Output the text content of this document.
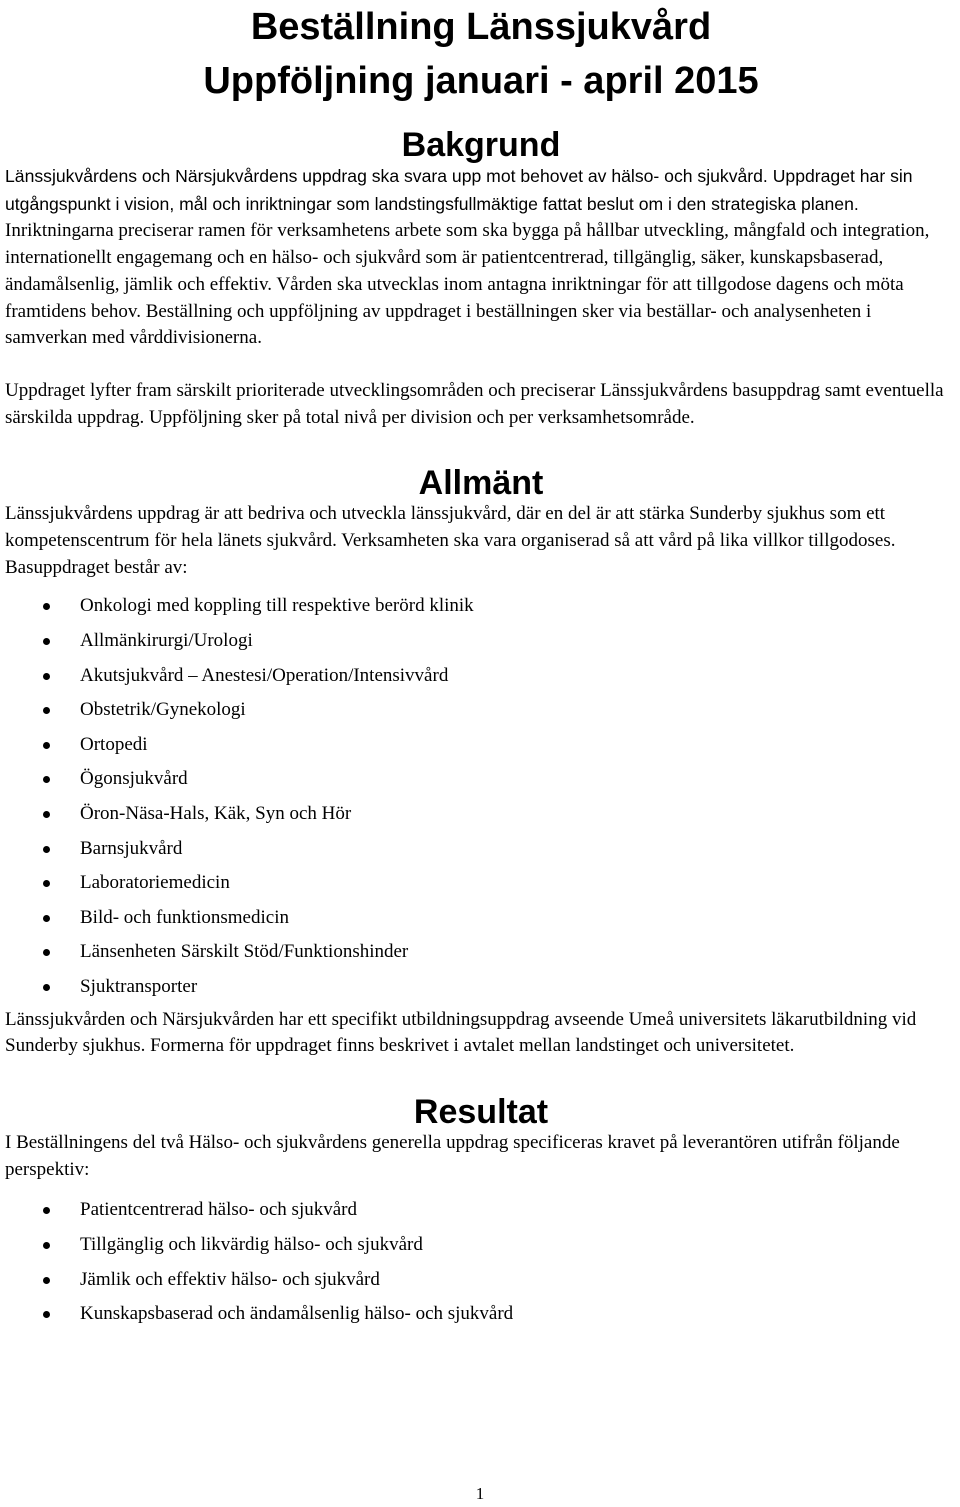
Beställning Länssjukvård
Uppföljning januari - april 2015
Bakgrund

Länssjukvårdens och Närsjukvårdens uppdrag ska svara upp mot behovet av hälso- och sjukvård. Uppdraget har sin utgångspunkt i vision, mål och inriktningar som landstingsfullmäktige fattat beslut om i den strategiska planen. Inriktningarna preciserar ramen för verksamhetens arbete som ska bygga på hållbar utveckling, mångfald och integration, internationellt engagemang och en hälso- och sjukvård som är patientcentrerad, tillgänglig, säker, kunskapsbaserad, ändamålsenlig, jämlik och effektiv. Vården ska utvecklas inom antagna inriktningar för att tillgodose dagens och möta framtidens behov. Beställning och uppföljning av uppdraget i beställningen sker via beställar- och analysenheten i samverkan med vårddivisionerna.

Uppdraget lyfter fram särskilt prioriterade utvecklingsområden och preciserar Länssjukvårdens basuppdrag samt eventuella särskilda uppdrag. Uppföljning sker på total nivå per division och per verksamhetsområde.

Allmänt

Länssjukvårdens uppdrag är att bedriva och utveckla länssjukvård, där en del är att stärka Sunderby sjukhus som ett kompetenscentrum för hela länets sjukvård. Verksamheten ska vara organiserad så att vård på lika villkor tillgodoses.

Basuppdraget består av:

Onkologi med koppling till respektive berörd klinik
Allmänkirurgi/Urologi
Akutsjukvård – Anestesi/Operation/Intensivvård
Obstetrik/Gynekologi
Ortopedi
Ögonsjukvård
Öron-Näsa-Hals, Käk, Syn och Hör
Barnsjukvård
Laboratoriemedicin
Bild- och funktionsmedicin
Länsenheten Särskilt Stöd/Funktionshinder
Sjuktransporter

Länssjukvården och Närsjukvården har ett specifikt utbildningsuppdrag avseende Umeå universitets läkarutbildning vid Sunderby sjukhus. Formerna för uppdraget finns beskrivet i avtalet mellan landstinget och universitetet.

Resultat

I Beställningens del två Hälso- och sjukvårdens generella uppdrag specificeras kravet på leverantören utifrån följande perspektiv:

Patientcentrerad hälso- och sjukvård
Tillgänglig och likvärdig hälso- och sjukvård
Jämlik och effektiv hälso- och sjukvård
Kunskapsbaserad och ändamålsenlig hälso- och sjukvård
1
